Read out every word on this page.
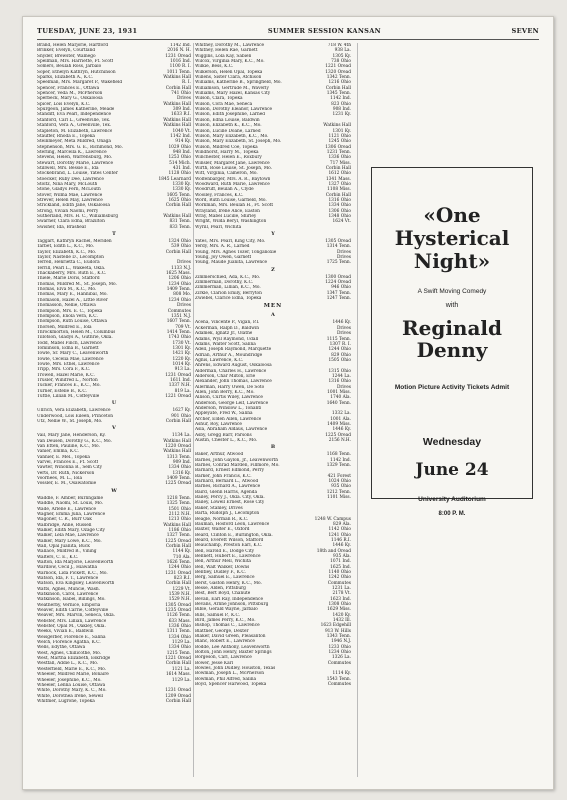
TUESDAY, JUNE 23, 1931	SUMMER SESSION KANSAN	SEVEN
Brand, Helen Marjorie, Hartford	1142 Ind.
Brinker, Evelyn, Courtland	2016 N. H.
Snyder, Brewster, Wamego	1231 Oread
Spellman, Mrs. Harriette, Ft. Scott	1016 Ind.
Somers, Beulah Ross, Jarbalo	1100 R. I.
Soper, Ethelyn Kathryn, Hutchinson	1011 Tenn.
Sparks, Elizabeth A., K.C.	Watkins Hall
Speelman, Mrs. Margaret P., Wakefield	R. I.
Spencer, Frances E., Ottawa	Corbin Hall
Spencer, Veda M., McPherson	741 Ohio
Sperbeck, Mary G., Oskaloosa	Drives
Spicer, Lois Evelyn, K.C.	Watkins Hall
Spurgeon, James Katherine, Meade	309 Ind.
Standiff, Eva Pearl, Independence	1633 R.I.
Stanford, Carl L., Greenville, Tex.	Watkins Hall
Stanford, Vera A., Greenville, Tex.	Watkins Hall
Stapleton, M. Elizabeth, Lawrence	1040 Vt.
Stauffer, Rhoda E., Topeka	1142 Ind.
Steinmeyer, Meta Mildred, Onaga	914 Ky.
Stephenson, Mrs. G. E., Richmond, Mo.	1029 Ohio
Sterling, Marcella K., Lawrence	948 Ind.
Stevens, Helen, Warrensburg, Mo.	1253 Ohio
Stewart, Dorothy Marie, Lawrence	514 Mich.
Stillwell, Mrs. Bessie E., Ida	431 Ind.
Stockebrand, L. Louise, Yates Center	1128 Ohio
Stoecker, Ruby Dee, Lawrence	1845 Learnard
Stoltz, Nina Mary, McLouth	1330 Ky.
Stone, Gladys Fern, McLouth	1330 Ky.
Stover, Wilma Mae, Lawrence	1605 Tenn.
Strever, Helen May, Lawrence	1625 Ohio
Strickland, Edith Jane, Oskaloosa	Corbin Hall
Strong, Vivian Naomi, Perry
Sutherland, Mrs. H. C., Williamsburg	Watkins Hall
Swarner, Clara Edna, Brazilton	831 Tenn.
Swisher, Ida, Brashear	833 Tenn.
T
Taggart, Kathryn Rachel, Meriden	1324 Ohio
Tarbet, Edith L., K.C., Mo.	539 Ohio
Taylor, Elizabeth, K.C., Mo.	Corbin Hall
Taylor, Nastelle D., Lecompton
Terrell, Henrietta C., Eudora	Drives
Terrill, Pearl L., Wakeeta, Okla.	1133 N.J.
Thackaberry, Mrs. Ruth E., K.C.	1625 Mass.
Thiele, Marie Doris, Stafford	1206 Ohio
Thomas, Mildred M., St. Joseph, Mo.	1234 Ohio
Thomas, Elva M., K.C., Mo.	1409 Tenn.
Thomas, Mary E., Hannibal, Mo.	808 Mo.
Thomason, Hazel A., Little River	1234 Ohio
Thomasson, Nellie, Ottawa	Drives
Thompson, Mrs. E. C., Topeka	Commutes
Thompson, Enola Vera, K.C.	1351 N.J.
Thompson, Ruth Louise, Ottawa	1607 Tenn.
Thorsen, Mildred E., Iola	709 Vt.
Throckmorton, Helen M., Columbus	1414 Tenn.
Tillotson, Gladys A., Guthrie, Okla.	1743 Ohio
Todd, Mabel Finch, Lawrence	1730 Vt.
Tomlinson, Edna B., Garnett	1301 Ky.
Towle, Sr. Mary C., Leavenworth	1421 Ky.
Towle, Cecelia Mae, Lawrence	1220 Ky.
Towle, Mrs. Ethel, Lawrence	1014 Ky.
Tripp, Mrs. Cora F., K.C.	913 La.
Trowell, Hazel Marie, K.C.	1231 Oread
Trusler, Winifred L., Norton	1611 Ind.
Tucker, Frances E., K.C., Mo.	1337 N.H.
Turner, Estelle B., K.C.	819 La.
Tuttle, Lillian M., Coffeyville	1221 Oread
U
Ullrich, Vera Elizabeth, Lawrence	1627 Ky.
Underwood, Lois Eileen, Princeton	901 Ohio
Utz, Nellie W., St. Joseph, Mo.	Corbin Hall
V
Vail, Mary Jane, Henderson, Ky.	1134 La.
Van Deusen, Dorothy G., K.C., Mo.	Watkins Hall
Van Etten, Pauline, K.C., Mo.	1220 Oread
Vanier, Emma, K.C.	Watkins Hall
Vannier, E. Mel., Topeka	1313 Tenn.
Varvel, Frances E., Ft. Scott	909 Ind.
Vawter, Winonna B., Sem City	1334 Ohio
Verts, Dr. Ruth, Nickerson	1316 Ky.
Voorhees, M. L., Iola	1409 Tenn.
Vossler, E. M., Osawatomie	1225 Oread
W
Waddle, F. Amber, Burlingame	1218 Tenn.
Waddle, Naomi, St. Louis, Mo.	1325 Tenn.
Wade, Arlene E., Lawrence	1501 Ohio
Wagner, Emma Julia, Lawrence	2112 N.H.
Wagoner, C. R., Burr Oak	1213 Ohio
Walbridge, Anne, Russell	Watkins Hall
Walker, Edith Mary, Ozage City	1186 Ohio
Walker, Lela Mae, Lawrence	1327 Tenn.
Walker, Mary Lowe, K.C., Mo.	1225 Oread
Wall, Opal Juanita, Buck	Corbin Hall
Wallace, Mildred B., Vining	1144 Ky.
Walters, C. E., K.C.	710 Ala.
Walton, Ida Marjorie, Leavenworth	1626 Tenn.
Wardlow, Cecil J., Hiawatha	1244 Ohio
Warnock, Lida Pickett, K.C., Mo.	1231 Oread
Watson, Ida, F. T., Lawrence	823 R.I.
Watson, Eva Kingsley, Leavenworth	Corbin Hall
Watts, Agnes, Muncie, Wash.	1229 Vt.
Watkinson, Carol, Lawrence	1539 N.H.
Watkinson, Isabel, Billings, Mo.	1529 N.H.
Weatherby, Vernice, Emporia	1305 Oread
Weaver, Edith Carrie, Coffeyville	1235 Oread
Weaver, Mrs. Marvin, Seneca, Okla.	1126 Tenn.
Webster, Mrs. Lillian, Lawrence	633 Mass.
Webster, Opal M., Oakley, Okla.	1336 Ohio
Weeks, Vivian E., Baldwin	1311 Tenn.
Weisgerber, Florence E., Salina	1334 Ohio
Welch, Florence Agatha, K.C.	1129 La.
Wells, Edythe, Ottawa	1334 Ohio
West, Agnes, Chillicothe, Mo.	1215 Tenn.
West, Martha Elizabeth, Eskridge	1221 Oread
Westfall, Addie L., K.C., Mo.	Corbin Hall
Westerfield, Marie E., K.C., Mo.	1121 La.
Wheeler, Mildred Marie, Bonaire	1614 Mass.
Wheeler, Josephine, K.C., Mo.	1129 La.
Wheeler, Lenna Louise, Ottawa
White, Dorothy Mary, K. C., Mo.	1231 Oread
White, Dorothea Irene, Sewell	1209 Oread
Whitmer, Lugrone, Topeka	Corbin Hall
Whitney, Dorothy M., Lawrence	718 W. 4th
Whitney, Helen Rae, Garnett	938 La.
Wiggins, Lola Kay, Sabien	1305 Ky.
Wilcox, Virginia Mary, K.C., Mo.	738 Ohio
Wilkie, Bess, K.C.	1221 Oread
Wilkerson, Helen Opal, Topeka	1320 Oread
Willens, Sister Clara, Atchison	1342 Tenn.
Williams, Katherine B., Springfield, Mo.	1216 Ohio
Williamson, Gertrude M., Waverly	Corbin Hall
Williams, Mary Hazel, Kansas City	1345 Tenn.
Wilson, Clara, Topeka	1142 Ind.
Wilson, Cora Mae, Seneca	823 Ohio
Wilson, Dorothy Eleanor, Lawrence	908 Ind.
Wilson, Edith Josephine, Larned	1231 Ky.
Wilson, Edna Louise, Baldwin
Wilson, Elizabeth K., K.C., Mo.	Watkins Hall
Wilson, Lucille Doane, Larned	1301 Ky.
Wilson, Mary Elizabeth, K.C., Mo.	1121 Ohio
Wilson, Mary Elizabeth, St. Joseph, Mo.	1245 Ohio
Wilson, Mildred Coe, Topeka	1306 Oread
Windhorst, Harry M., Topeka	1231 Tenn.
Winchester, Helen E., Roxbury	1336 Ohio
Winsler, Margaret Jane, Lawrence	717 Miss.
Wirth, Rose Louise, St. Joseph, Mo.	Corbin Hall
Witt, Virginia, Cameron, Mo.	1612 Ohio
Wolfenbarger, Mrs. A. R., Baytown	1341 Mass.
Woodward, Ruth Marie, Lawrence	1327 Ohio
Woodruff, Beulah A., Clyde	1108 Miss.
Woolley, Frances, K.C.	Corbin Hall
Word, Ruth Louise, Garfield, Mo.	1316 Ohio
Workman, Mrs. Beulah H., Ft. Scott	1334 Ohio
Wrayland, Irene Alice, Easton	1306 Ohio
Wray, Mabel Lucille, Shirley	1348 Ohio
Wright, Wilda Beryl, Washington	1624 Vt.
Wyrill, Pearl, Wichita
Y
Yates, Mrs. Pearl, King City, Mo.	1305 Oread
Yerdy, Mrs. A. R., Larned	1314 Tenn.
Young, Mrs. Agnes Tozer, Tonganoxie	Drives
Young, Joy Owen, Garnett	Drives
Young, Maude Juanita, Lawrence	1725 Tenn.
Z
Zimmerschied, Ada, K.C., Mo.	1300 Oread
Zimmerman, Dorothy, K.C.	1224 Oread
Zimmerman, Lillian, K.C., Mo.	946 Ohio
Zirkle, Clarion Emily, Berryton	1347 Tenn.
Zwiebel, Clarice Edna, Topeka	1247 Tenn.
MEN
A
Acena, Vincente P., Vigan, P.I.	1446 Ky.
Ackerman, Ralph D., Baldwin	Drives
Adamek, Ignatz Jr., Olathe	Drives
Adams, Wyil Raymond, Udall	1115 Tenn.
Adams, Walter Scott, Salina	1307 R. I.
Adell, Joseph Raymond, Marquette	1244 Ohio
Adrian, Arthur A., Moundridge	829 Ohio
Agnis, Lawrence, K.C.	1505 Ohio
Ahrens, Edward August, Oskaloosa
Alderman, Charles H., Lawrence	1315 Ohio
Alderson, Char Milton, Erie	1244 La.
Alexander, John Thomas, Lawrence	1316 Ohio
Allerman, Harry Owen, De Soto	Drives
Allen, John Berry, K.C., Mo.	1001 Miss.
Allison, Curtis Wiley, Lawrence	1740 Ala.
Anderson, George Leif, Lawrence	1640 Tenn.
Anderson, Winslow L., Tonanti
Appleyate, Fred W., Salina	1332 La.
Archer, Elden Allen, Lawrence	1001 Ala.
Ashur, Roy, Lawrence	1409 Miss.
Asla, Abraham Aldaus, Lawrence	1446 Ky.
Asby, Gregg Barr, Parsons	1225 Oread
Austin, Chester L., K.C., Mo.	2156 N.H.
B
Baker, Arthur, Atwood	1168 Tenn.
Barnes, John Gaylon, Jr., Leavenworth	1142 Ind.
Barnes, Conrad Marden, Fillmore, Mo.	1329 Tenn.
Barnard, Ernest Edmond, Perry
Barker, John Francis, K.C.	421 Forest
Barnard, Bernard L., Atwood	1024 Ohio
Barnes, Richard A., Lawrence	935 Ohio
Baird, Glenn Harris, Agenda	1212 Tenn.
Bailey, Percy J., Okla. City, Okla.	1101 Miss.
Bailey, Lowell Ernest, Rose City
Baker, Stanley, Drives
Barta, Rudolph J., Lecompton
Beagle, Norman R., K.C.	1248 W. Campus
Bauman, Hosford Leon, Lawrence	829 Ala.
Baxter, Walter E., Oxford	1142 Ohio
Beard, Clinton E., Burlington, Okla.	1241 Ohio
Beard, Everett Wilson, Stafford	1146 R.I.
Beauchamp, Preston Earl, K.C.	1446 Ky.
Bell, Harold E., Dodge City	18th and Oread
Bennett, Hubert E., Lawrence	935 Ala.
Bell, Arthur Mell, Wichita	1071 Ind.
Bell, Walt Walker, Downs	1625 Ind.
Bentley, Dudley F., K.C.	1140 Ohio
Berg, Samuel E., Lawrence	1242 Ohio
Berst, Gaston Henry, K.C., Mo.	Commutes
Besse, Alden, Pittsburg	1231 La.
Best, Bert Boyd, Chanute	2178 Vt.
Bevan, Earl Ray, Independence	1623 Ind.
Bevans, Arline Johnson, Pittsburg	1308 Ohio
Bible, Gerald Wayne, Jarbalo	1629 Miss.
Bills, Samuel P., K.C.	1420 Ky.
Bird, James Perry, K.C., Mo.	1432 Ill.
Bishop, Thomas C., Lawrence	1623 Edgehill
Blattner, George, Dexter	913 W. Hills
Blaker, David Green, Pleasanton	1343 Tenn.
Blanc, Robert E., Lawrence	1946 N.J.
Bodde, Lee Anthony, Leavenworth	1233 Ohio
Bolton, John Henry, Baxter Springs	1234 Ohio
Borgeson, Carl, Lawrence	1326 La.
Bower, Jesse Karl	Commutes
Bowles, John Dudley, Houston, Texas
Bowman, Joseph L., McPherson	1114 Ky.
Bowman, Phil Alfred, Salina	1543 Tenn.
Boyd, Spencer Harwood, Topeka	Commutes
«One Hysterical Night»
A Swift Moving Comedy
with
Reginald Denny
Motion Picture Activity Tickets Admit
Wednesday
June 24
University Auditorium
8:00 P. M.
